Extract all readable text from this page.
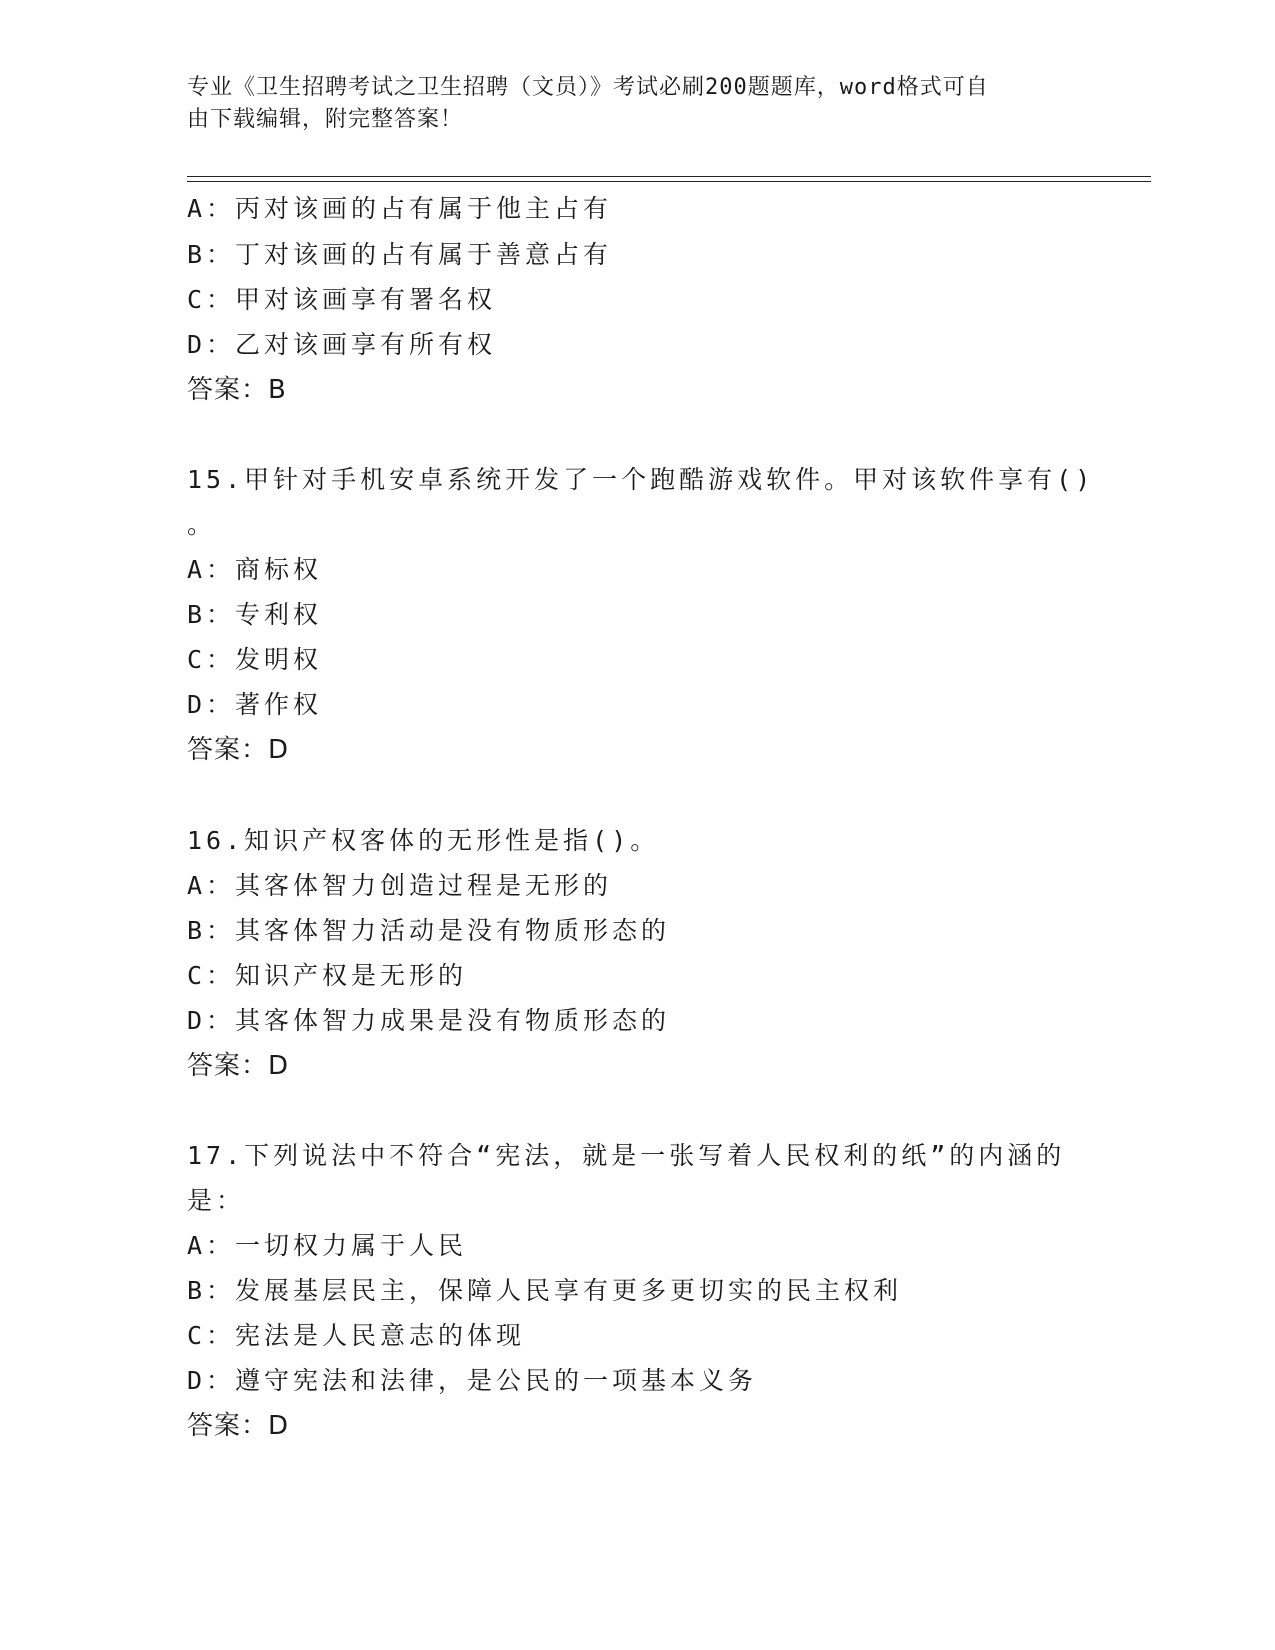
专业《卫生招聘考试之卫生招聘（文员）》考试必刷200题题库，word格式可自
由下载编辑，附完整答案！
A：丙对该画的占有属于他主占有
B：丁对该画的占有属于善意占有
C：甲对该画享有署名权
D：乙对该画享有所有权
答案：B
15.甲针对手机安卓系统开发了一个跑酷游戏软件。甲对该软件享有()
。
A：商标权
B：专利权
C：发明权
D：著作权
答案：D
16.知识产权客体的无形性是指()。
A：其客体智力创造过程是无形的
B：其客体智力活动是没有物质形态的
C：知识产权是无形的
D：其客体智力成果是没有物质形态的
答案：D
17.下列说法中不符合“宪法，就是一张写着人民权利的纸”的内涵的
是：
A：一切权力属于人民
B：发展基层民主，保障人民享有更多更切实的民主权利
C：宪法是人民意志的体现
D：遵守宪法和法律，是公民的一项基本义务
答案：D
